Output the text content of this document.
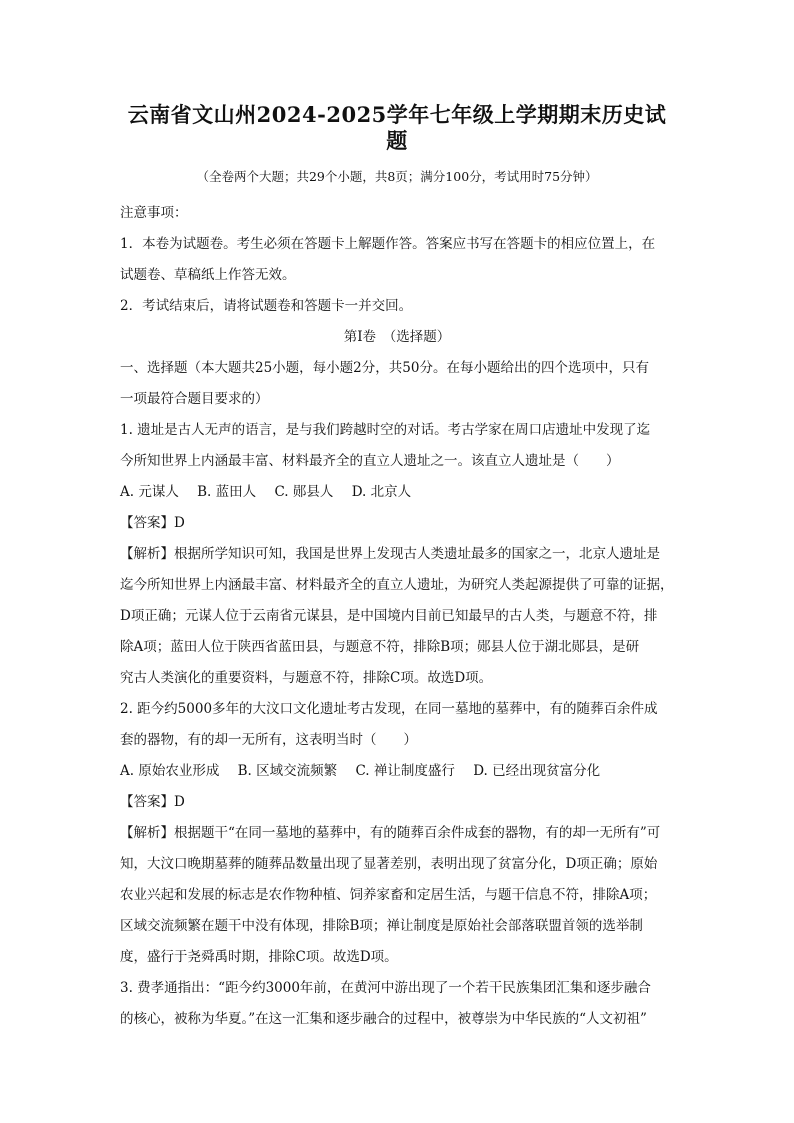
云南省文山州2024-2025学年七年级上学期期末历史试题
（全卷两个大题；共29个小题，共8页；满分100分，考试用时75分钟）

注意事项：

1．本卷为试题卷。考生必须在答题卡上解题作答。答案应书写在答题卡的相应位置上，在

试题卷、草稿纸上作答无效。

2．考试结束后，请将试题卷和答题卡一并交回。

第Ⅰ卷　（选择题）

一、选择题（本大题共25小题，每小题2分，共50分。在每小题给出的四个选项中，只有

一项最符合题目要求的）

1. 遗址是古人无声的语言，是与我们跨越时空的对话。考古学家在周口店遗址中发现了迄

今所知世界上内涵最丰富、材料最齐全的直立人遗址之一。该直立人遗址是（　　）

A. 元谋人 B. 蓝田人 C. 郧县人 D. 北京人

【答案】D

【解析】根据所学知识可知，我国是世界上发现古人类遗址最多的国家之一，北京人遗址是

迄今所知世界上内涵最丰富、材料最齐全的直立人遗址，为研究人类起源提供了可靠的证据，

D项正确；元谋人位于云南省元谋县，是中国境内目前已知最早的古人类，与题意不符，排

除A项；蓝田人位于陕西省蓝田县，与题意不符，排除B项；郧县人位于湖北郧县，是研

究古人类演化的重要资料，与题意不符，排除C项。故选D项。

2. 距今约5000多年的大汶口文化遗址考古发现，在同一墓地的墓葬中，有的随葬百余件成

套的器物，有的却一无所有，这表明当时（　　）

A. 原始农业形成 B. 区域交流频繁 C. 禅让制度盛行 D. 已经出现贫富分化

【答案】D

【解析】根据题干“在同一墓地的墓葬中，有的随葬百余件成套的器物，有的却一无所有”可

知，大汶口晚期墓葬的随葬品数量出现了显著差别，表明出现了贫富分化，D项正确；原始

农业兴起和发展的标志是农作物种植、饲养家畜和定居生活，与题干信息不符，排除A项；

区域交流频繁在题干中没有体现，排除B项；禅让制度是原始社会部落联盟首领的选举制

度，盛行于尧舜禹时期，排除C项。故选D项。

3. 费孝通指出：“距今约3000年前，在黄河中游出现了一个若干民族集团汇集和逐步融合

的核心，被称为华夏。”在这一汇集和逐步融合的过程中，被尊崇为中华民族的“人文初祖”
